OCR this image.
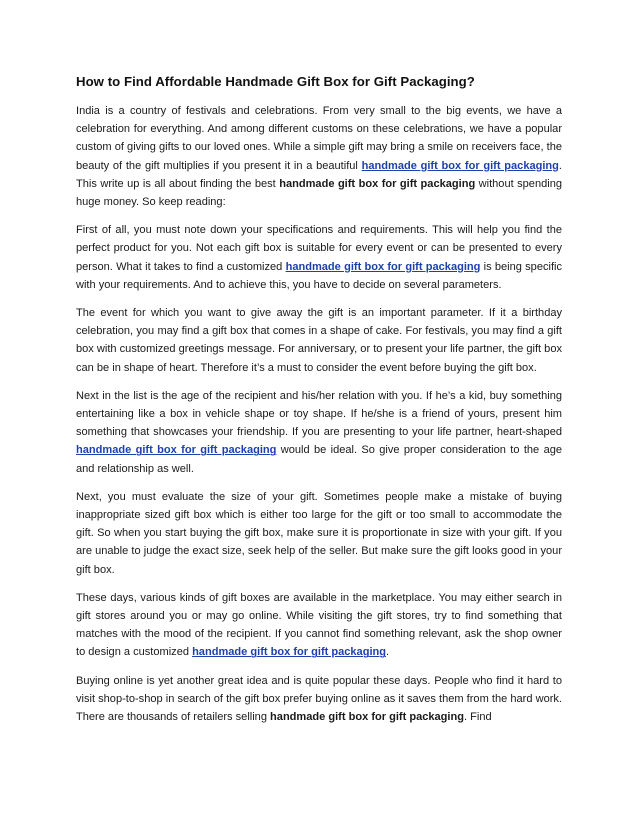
How to Find Affordable Handmade Gift Box for Gift Packaging?

India is a country of festivals and celebrations. From very small to the big events, we have a celebration for everything. And among different customs on these celebrations, we have a popular custom of giving gifts to our loved ones. While a simple gift may bring a smile on receivers face, the beauty of the gift multiplies if you present it in a beautiful handmade gift box for gift packaging. This write up is all about finding the best handmade gift box for gift packaging without spending huge money. So keep reading:

First of all, you must note down your specifications and requirements. This will help you find the perfect product for you. Not each gift box is suitable for every event or can be presented to every person. What it takes to find a customized handmade gift box for gift packaging is being specific with your requirements. And to achieve this, you have to decide on several parameters.

The event for which you want to give away the gift is an important parameter. If it a birthday celebration, you may find a gift box that comes in a shape of cake. For festivals, you may find a gift box with customized greetings message. For anniversary, or to present your life partner, the gift box can be in shape of heart. Therefore it’s a must to consider the event before buying the gift box.

Next in the list is the age of the recipient and his/her relation with you. If he’s a kid, buy something entertaining like a box in vehicle shape or toy shape. If he/she is a friend of yours, present him something that showcases your friendship. If you are presenting to your life partner, heart-shaped handmade gift box for gift packaging would be ideal. So give proper consideration to the age and relationship as well.

Next, you must evaluate the size of your gift. Sometimes people make a mistake of buying inappropriate sized gift box which is either too large for the gift or too small to accommodate the gift. So when you start buying the gift box, make sure it is proportionate in size with your gift. If you are unable to judge the exact size, seek help of the seller. But make sure the gift looks good in your gift box.

These days, various kinds of gift boxes are available in the marketplace. You may either search in gift stores around you or may go online. While visiting the gift stores, try to find something that matches with the mood of the recipient. If you cannot find something relevant, ask the shop owner to design a customized handmade gift box for gift packaging.

Buying online is yet another great idea and is quite popular these days. People who find it hard to visit shop-to-shop in search of the gift box prefer buying online as it saves them from the hard work. There are thousands of retailers selling handmade gift box for gift packaging. Find
